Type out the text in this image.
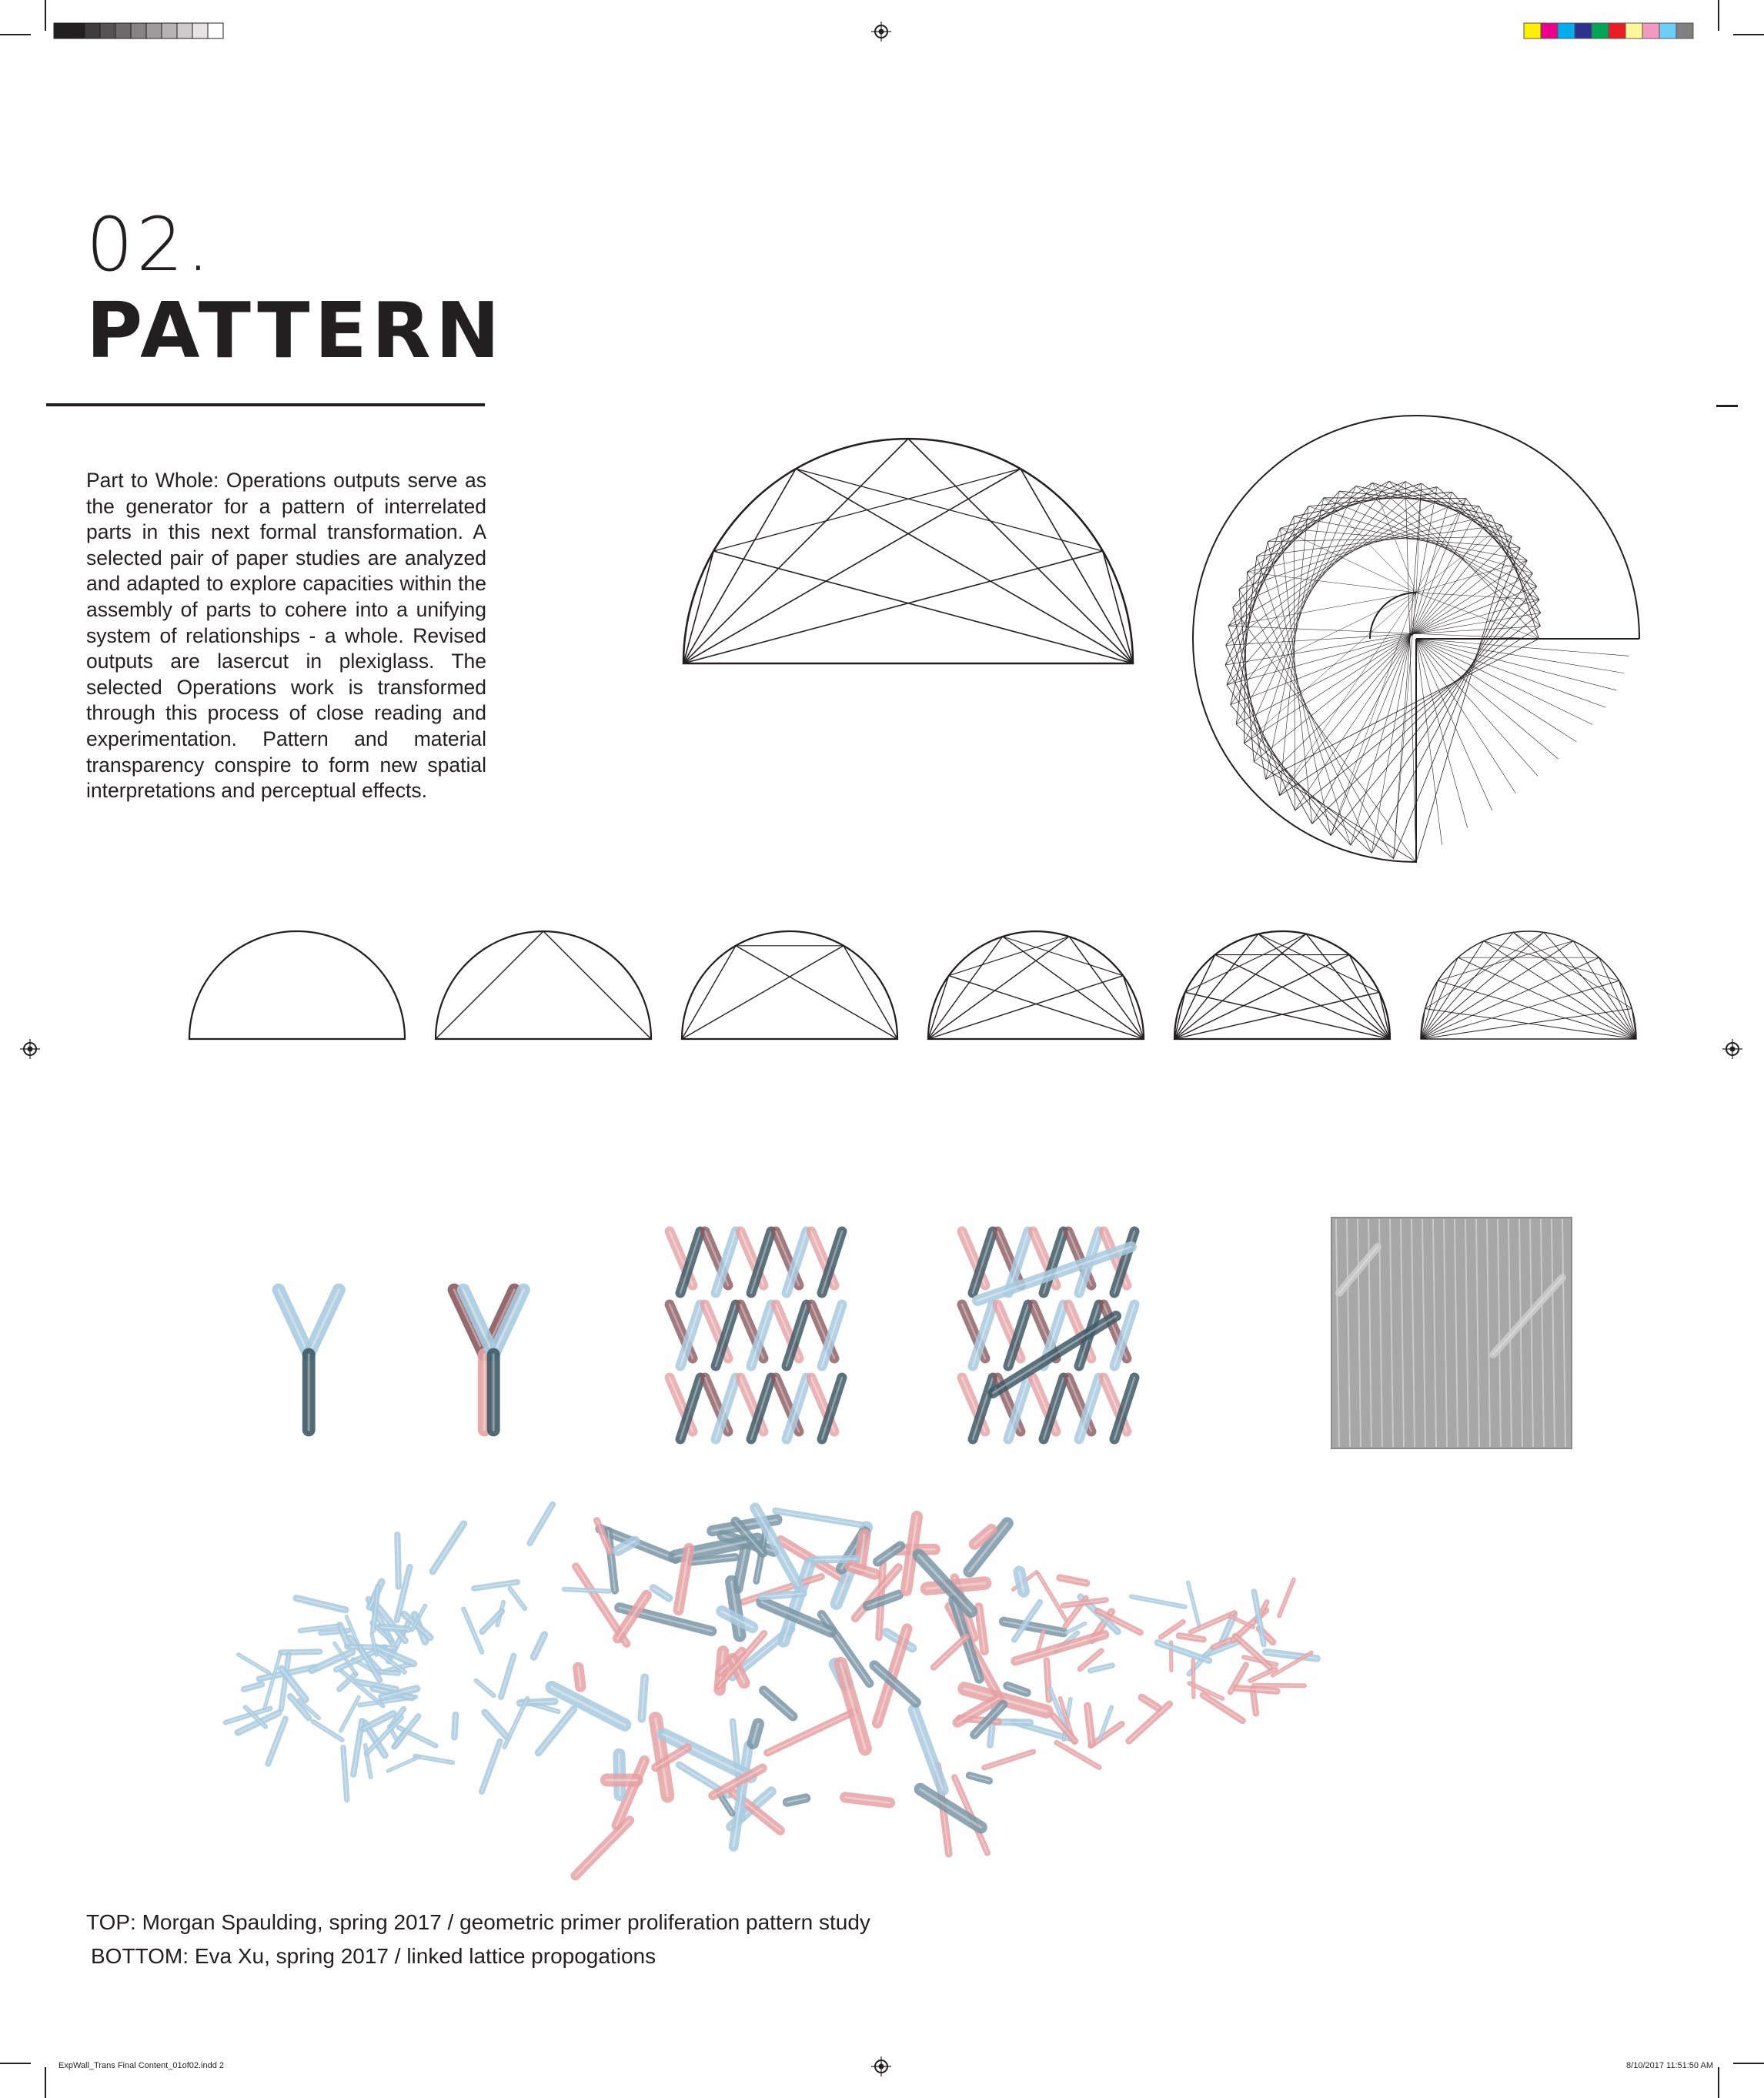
02.
PATTERN
Part to Whole: Operations outputs serve as the generator for a pattern of interrelated parts in this next formal transformation. A selected pair of paper studies are analyzed and adapted to explore capacities within the assembly of parts to cohere into a unifying system of relationships - a whole. Revised outputs are lasercut in plexiglass. The selected Operations work is transformed through this process of close reading and experimentation. Pattern and material transparency conspire to form new spatial interpretations and perceptual effects.
TOP: Morgan Spaulding, spring 2017 / geometric primer proliferation pattern study
BOTTOM: Eva Xu, spring 2017 / linked lattice propogations
ExpWall_Trans Final Content_01of02.indd 2	8/10/2017 11:51:50 AM
